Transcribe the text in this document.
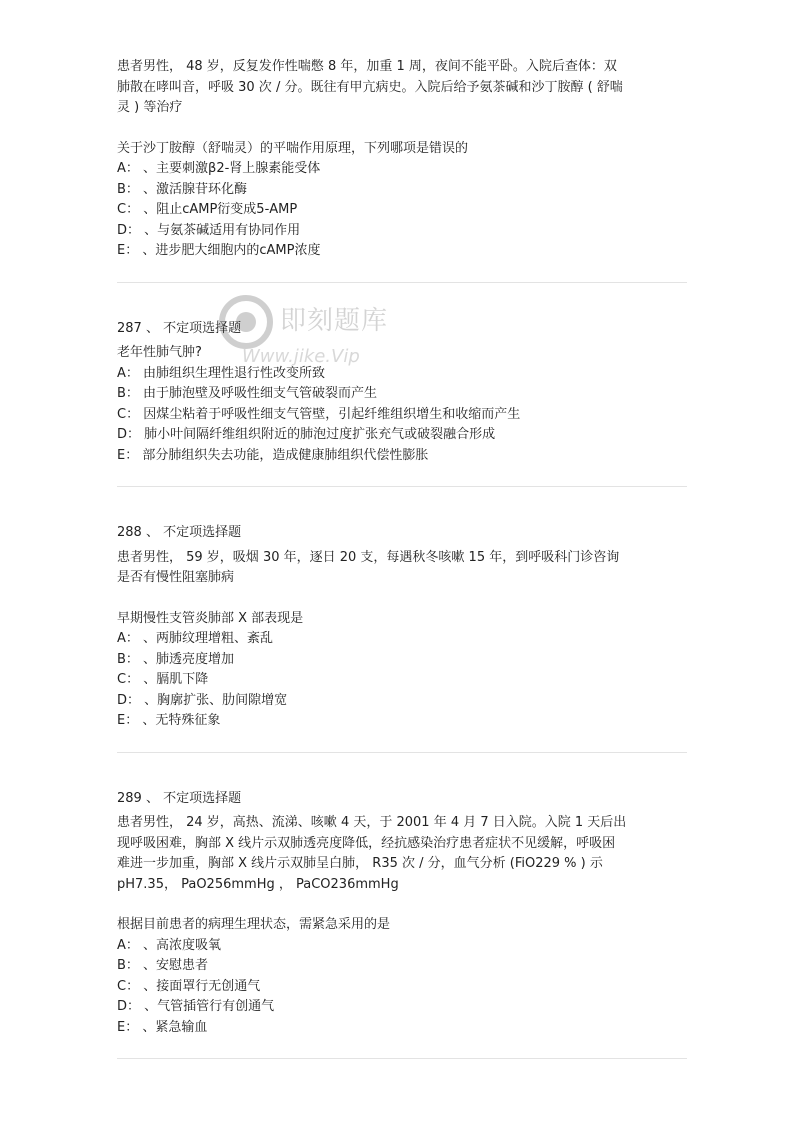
即刻题库
Www.jike.Vip
患者男性， 48 岁，反复发作性喘憋 8 年，加重 1 周，夜间不能平卧。入院后查体：双
肺散在哮叫音，呼吸 30 次 / 分。既往有甲亢病史。入院后给予氨茶碱和沙丁胺醇 ( 舒喘
灵 ) 等治疗
关于沙丁胺醇（舒喘灵）的平喘作用原理，下列哪项是错误的
A： 、主要刺激β2-肾上腺素能受体
B： 、激活腺苷环化酶
C： 、阻止cAMP衍变成5-AMP
D： 、与氨茶碱适用有协同作用
E： 、进步肥大细胞内的cAMP浓度
287 、 不定项选择题
老年性肺气肿?
A： 由肺组织生理性退行性改变所致
B： 由于肺泡壁及呼吸性细支气管破裂而产生
C： 因煤尘粘着于呼吸性细支气管壁，引起纤维组织增生和收缩而产生
D： 肺小叶间隔纤维组织附近的肺泡过度扩张充气或破裂融合形成
E： 部分肺组织失去功能，造成健康肺组织代偿性膨胀
288 、 不定项选择题
患者男性， 59 岁，吸烟 30 年，逐日 20 支，每遇秋冬咳嗽 15 年，到呼吸科门诊咨询
是否有慢性阻塞肺病
早期慢性支管炎肺部 X 部表现是
A： 、两肺纹理增粗、紊乱
B： 、肺透亮度增加
C： 、膈肌下降
D： 、胸廓扩张、肋间隙增宽
E： 、无特殊征象
289 、 不定项选择题
患者男性， 24 岁，高热、流涕、咳嗽 4 天，于 2001 年 4 月 7 日入院。入院 1 天后出
现呼吸困难，胸部 X 线片示双肺透亮度降低，经抗感染治疗患者症状不见缓解，呼吸困
难进一步加重，胸部 X 线片示双肺呈白肺， R35 次 / 分，血气分析 (FiO229 % ) 示
pH7.35， PaO256mmHg ， PaCO236mmHg
根据目前患者的病理生理状态，需紧急采用的是
A： 、高浓度吸氧
B： 、安慰患者
C： 、接面罩行无创通气
D： 、气管插管行有创通气
E： 、紧急输血
